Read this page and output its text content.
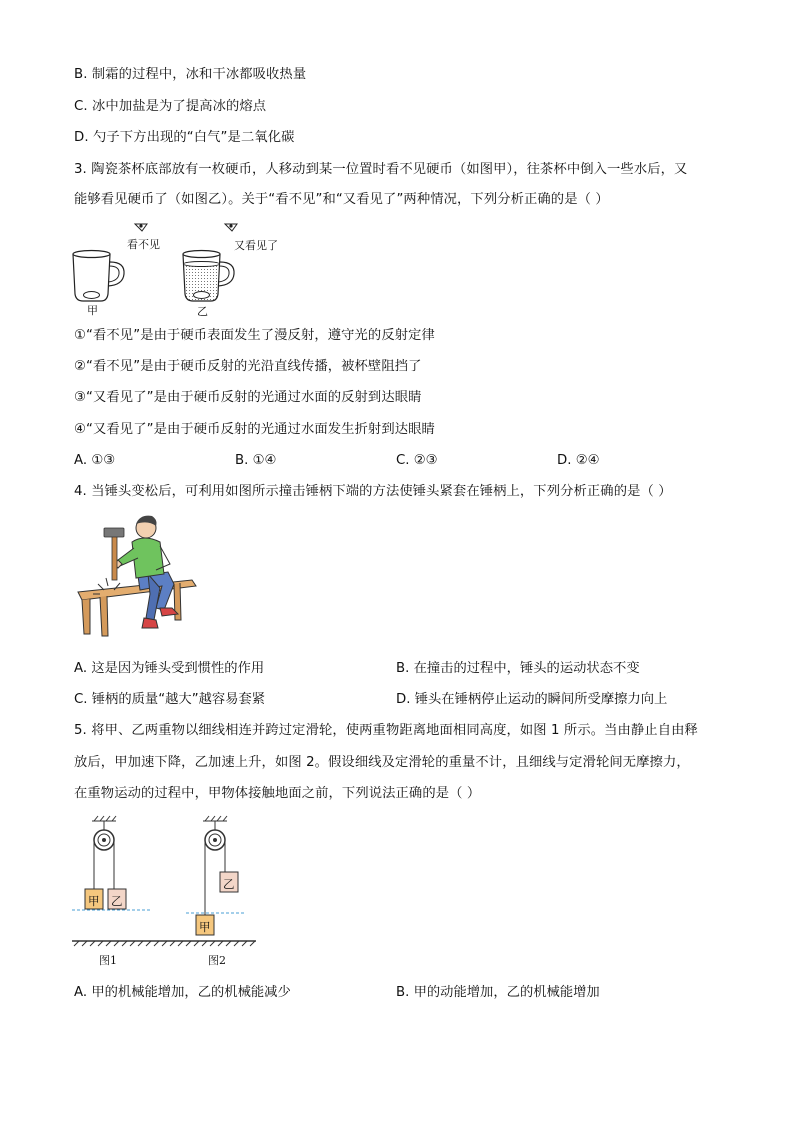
B. 制霜的过程中，冰和干冰都吸收热量
C. 冰中加盐是为了提高冰的熔点
D. 勺子下方出现的“白气”是二氧化碳
3. 陶瓷茶杯底部放有一枚硬币，人移动到某一位置时看不见硬币（如图甲），往茶杯中倒入一些水后，又
能够看见硬币了（如图乙）。关于“看不见”和“又看见了”两种情况，下列分析正确的是（ ）
看不见	又看见了
甲	乙
①“看不见”是由于硬币表面发生了漫反射，遵守光的反射定律
②“看不见”是由于硬币反射的光沿直线传播，被杯壁阻挡了
③“又看见了”是由于硬币反射的光通过水面的反射到达眼睛
④“又看见了”是由于硬币反射的光通过水面发生折射到达眼睛
A. ①③	B. ①④	C. ②③	D. ②④
4. 当锤头变松后，可利用如图所示撞击锤柄下端的方法使锤头紧套在锤柄上，下列分析正确的是（ ）
A. 这是因为锤头受到惯性的作用	B. 在撞击的过程中，锤头的运动状态不变
C. 锤柄的质量“越大”越容易套紧	D. 锤头在锤柄停止运动的瞬间所受摩擦力向上
5. 将甲、乙两重物以细线相连并跨过定滑轮，使两重物距离地面相同高度，如图 1 所示。当由静止自由释
放后，甲加速下降，乙加速上升，如图 2。假设细线及定滑轮的重量不计，且细线与定滑轮间无摩擦力，
在重物运动的过程中，甲物体接触地面之前，下列说法正确的是（ ）
甲 乙
乙
甲
图1	图2
A. 甲的机械能增加，乙的机械能减少	B. 甲的动能增加，乙的机械能增加
